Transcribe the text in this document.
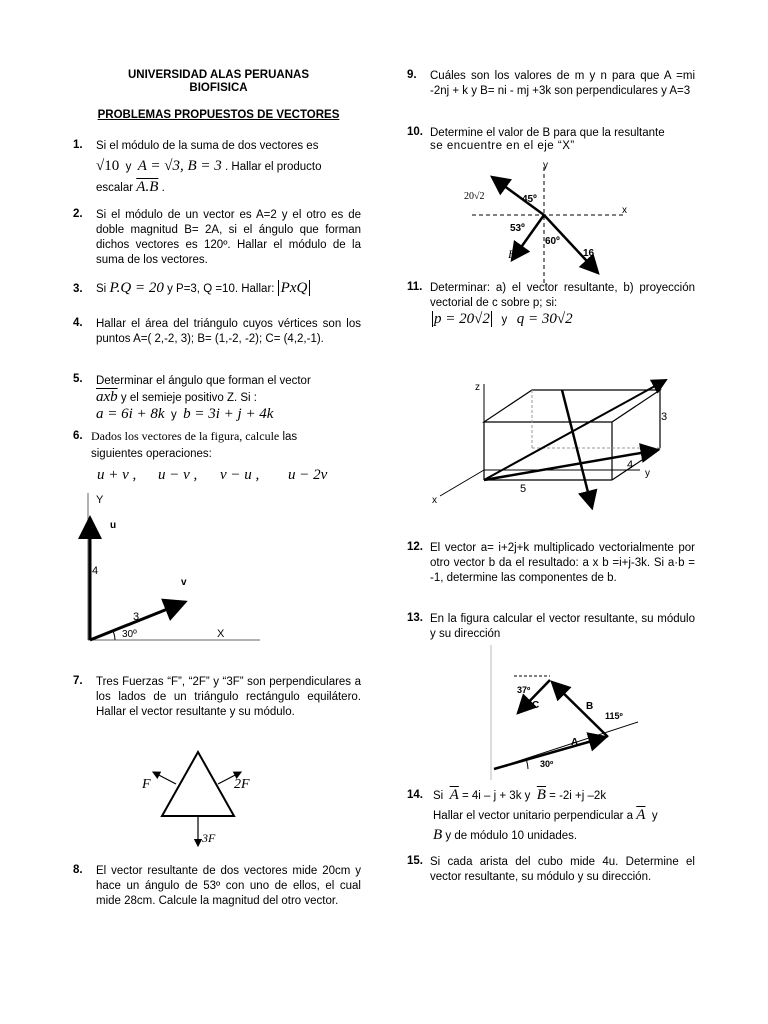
UNIVERSIDAD ALAS PERUANAS
BIOFISICA
PROBLEMAS PROPUESTOS DE VECTORES
1. Si el módulo de la suma de dos vectores es
√10 y A = √3, B = 3 . Hallar el producto
escalar A.B .
2. Si el módulo de un vector es A=2 y el otro es de doble magnitud B= 2A, si el ángulo que forman dichos vectores es 120º. Hallar el módulo de la suma de los vectores.
3. Si P.Q = 20 y P=3, Q =10. Hallar: PxQ
4. Hallar el área del triángulo cuyos vértices son los puntos A=( 2,-2, 3); B= (1,-2, -2); C= (4,2,-1).
5. Determinar el ángulo que forman el vector
$\overline{axb}$ y el semieje positivo Z. Si :
a = 6i + 8k y b = 3i + j + 4k
6. Dados los vectores de la figura, calcule las
siguientes operaciones:
u + v , u − v , v − u , u − 2v
Y
u
4
v
3
30º	X
7. Tres Fuerzas “F”, “2F” y “3F” son perpendiculares a los lados de un triángulo rectángulo equilátero. Hallar el vector resultante y su módulo.
F	2F
3F
8. El vector resultante de dos vectores mide 20cm y hace un ángulo de 53º con uno de ellos, el cual mide 28cm. Calcule la magnitud del otro vector.
9. Cuáles son los valores de m y n para que A =mi -2nj + k y B= ni - mj +3k son perpendiculares y A=3
10. Determine el valor de B para que la resultante
se encuentre en el eje “X”
y
x
20√2	45º
53º
B
60º
16
11. Determinar: a) el vector resultante, b) proyección vectorial de c sobre p; si:
p = 20√2 y q = 30√2
z
x
y
3
4
5
12. El vector a= i+2j+k multiplicado vectorialmente por otro vector b da el resultado: a x b =i+j-3k. Si a·b = -1, determine las componentes de b.
13. En la figura calcular el vector resultante, su módulo y su dirección
A
30º
B
115º
37º
C
14. Si $\overline{A} = 4i - j + 3k$ y $\overline{B} = -2i +j$ –2k
Hallar el vector unitario perpendicular a $\overline{A}$ y
B y de módulo 10 unidades.
15. Si cada arista del cubo mide 4u. Determine el vector resultante, su módulo y su dirección.
